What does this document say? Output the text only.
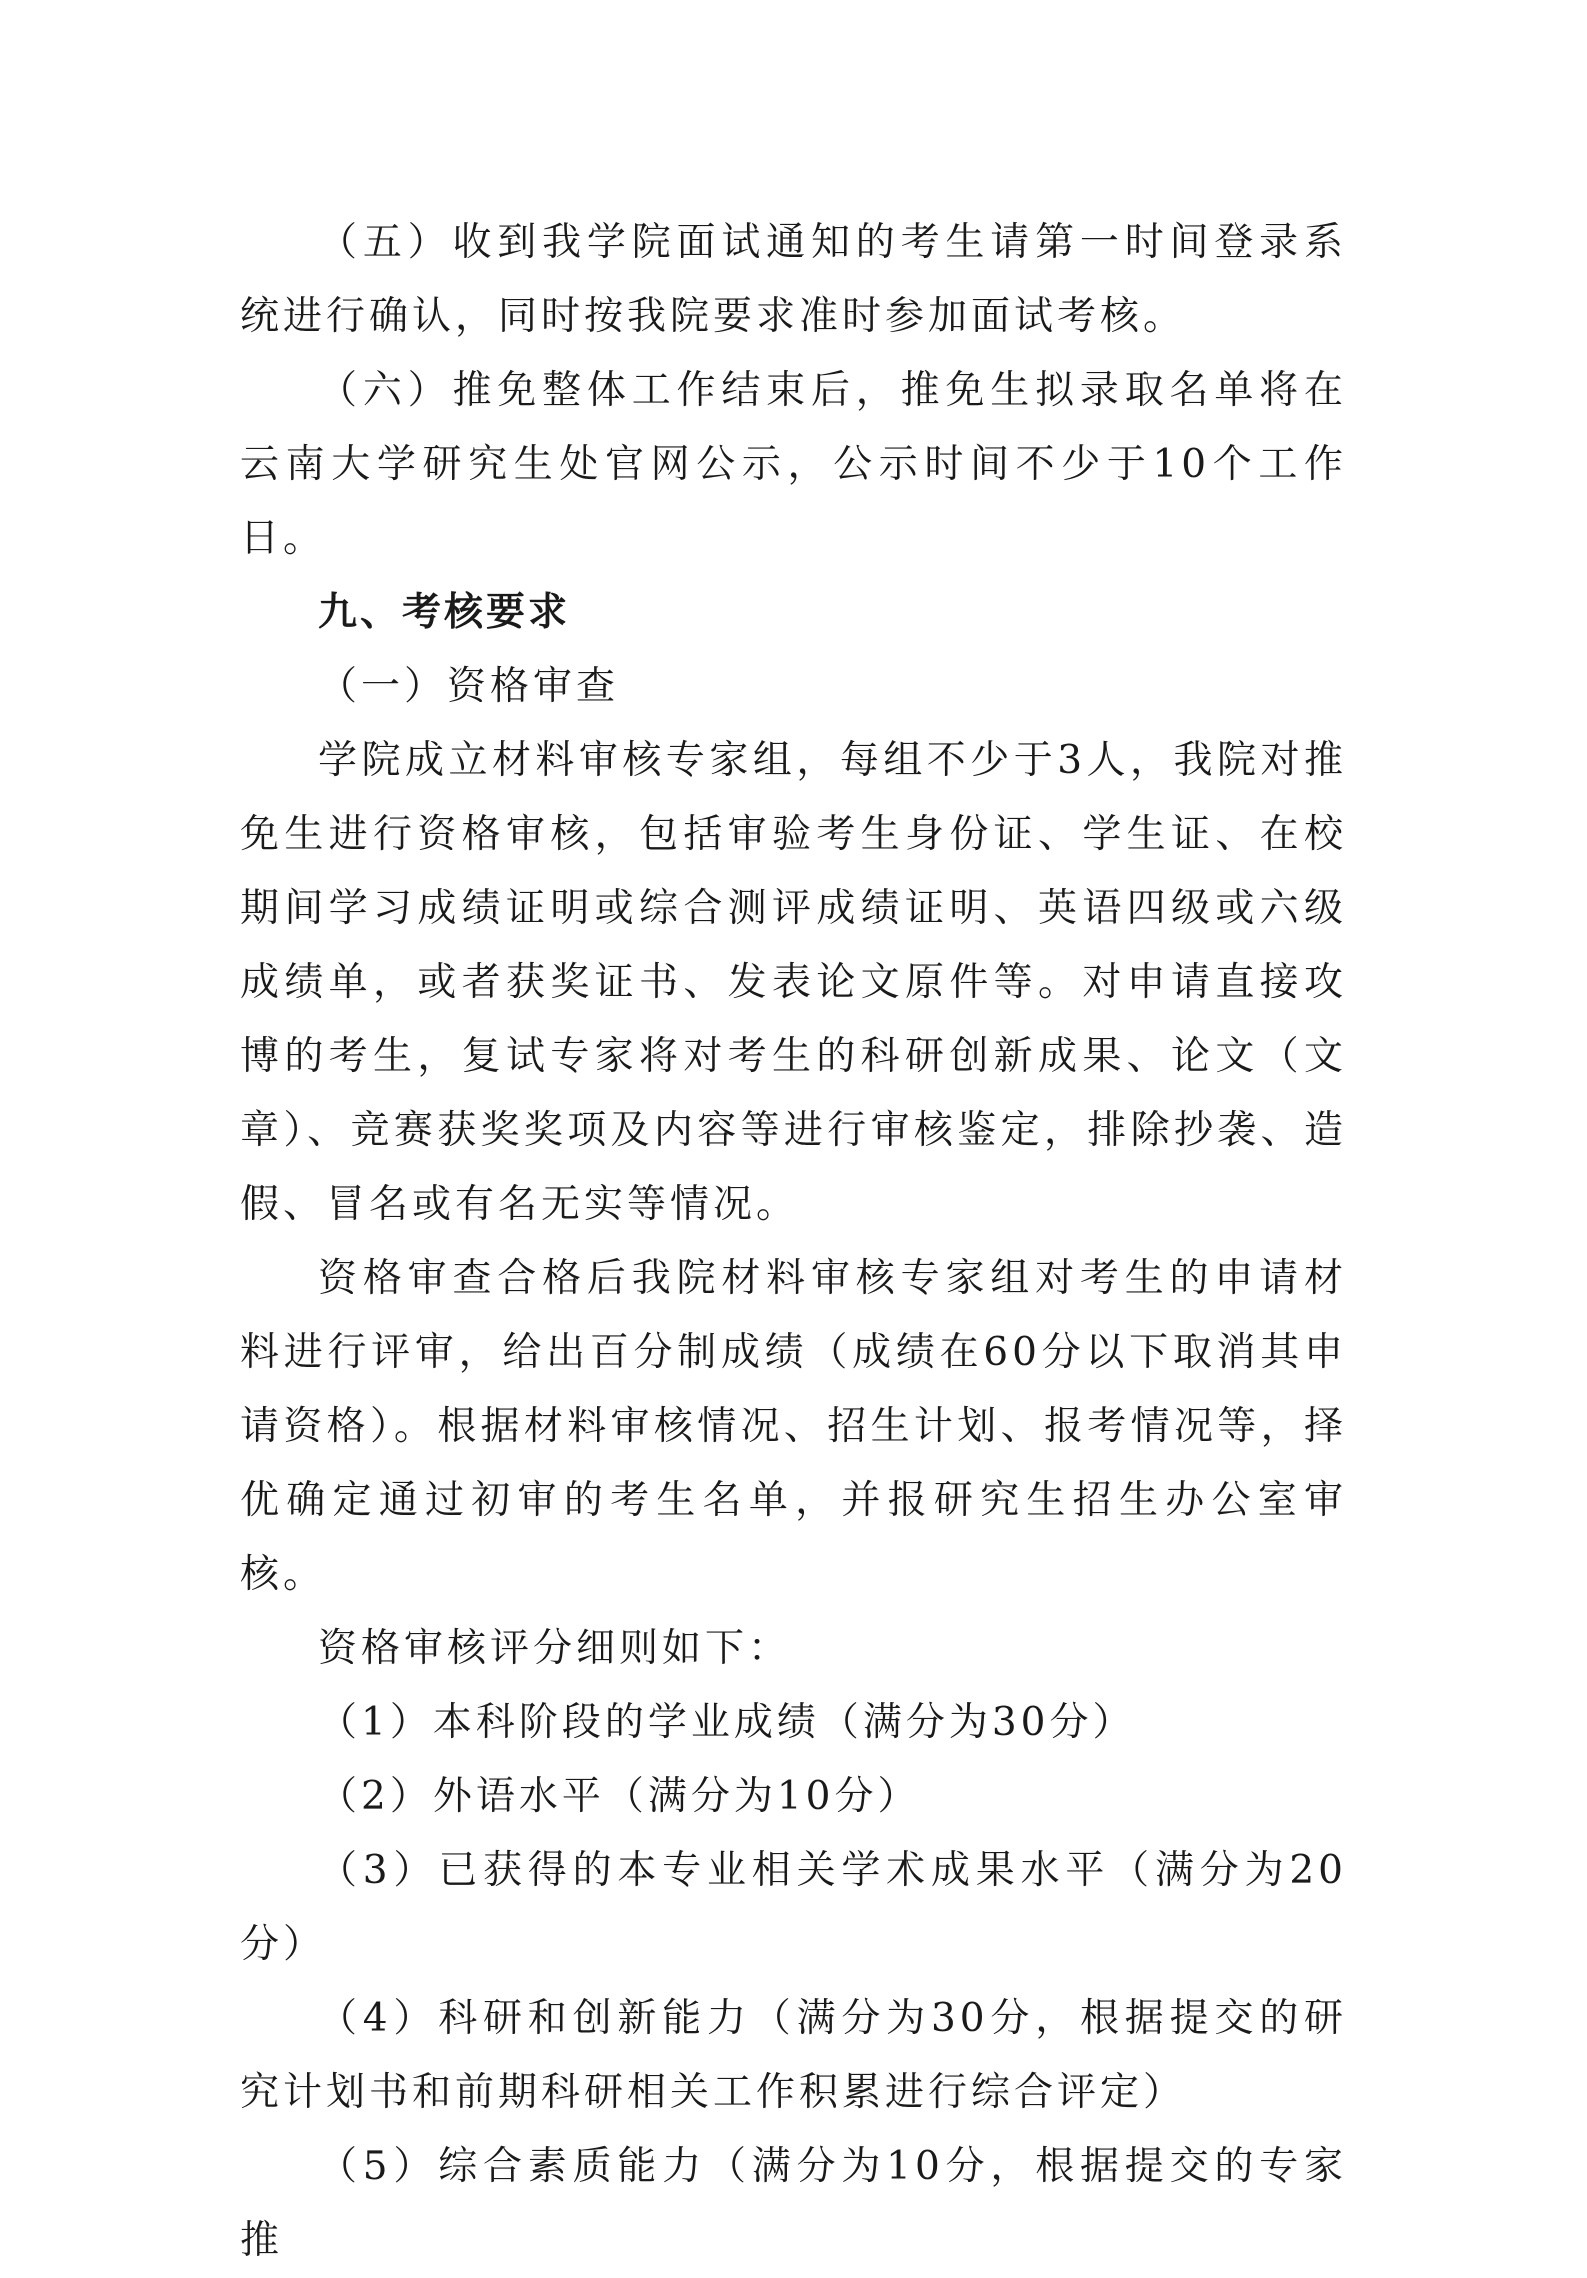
（五）收到我学院面试通知的考生请第一时间登录系统进行确认，同时按我院要求准时参加面试考核。

（六）推免整体工作结束后，推免生拟录取名单将在云南大学研究生处官网公示，公示时间不少于10个工作日。

九、考核要求

（一）资格审查

学院成立材料审核专家组，每组不少于3人，我院对推免生进行资格审核，包括审验考生身份证、学生证、在校期间学习成绩证明或综合测评成绩证明、英语四级或六级成绩单，或者获奖证书、发表论文原件等。对申请直接攻博的考生，复试专家将对考生的科研创新成果、论文（文章）、竞赛获奖奖项及内容等进行审核鉴定，排除抄袭、造假、冒名或有名无实等情况。

资格审查合格后我院材料审核专家组对考生的申请材料进行评审，给出百分制成绩（成绩在60分以下取消其申请资格）。根据材料审核情况、招生计划、报考情况等，择优确定通过初审的考生名单，并报研究生招生办公室审核。

资格审核评分细则如下：

（1）本科阶段的学业成绩（满分为30分）

（2）外语水平（满分为10分）

（3）已获得的本专业相关学术成果水平（满分为20分）

（4）科研和创新能力（满分为30分，根据提交的研究计划书和前期科研相关工作积累进行综合评定）

（5）综合素质能力（满分为10分，根据提交的专家推
